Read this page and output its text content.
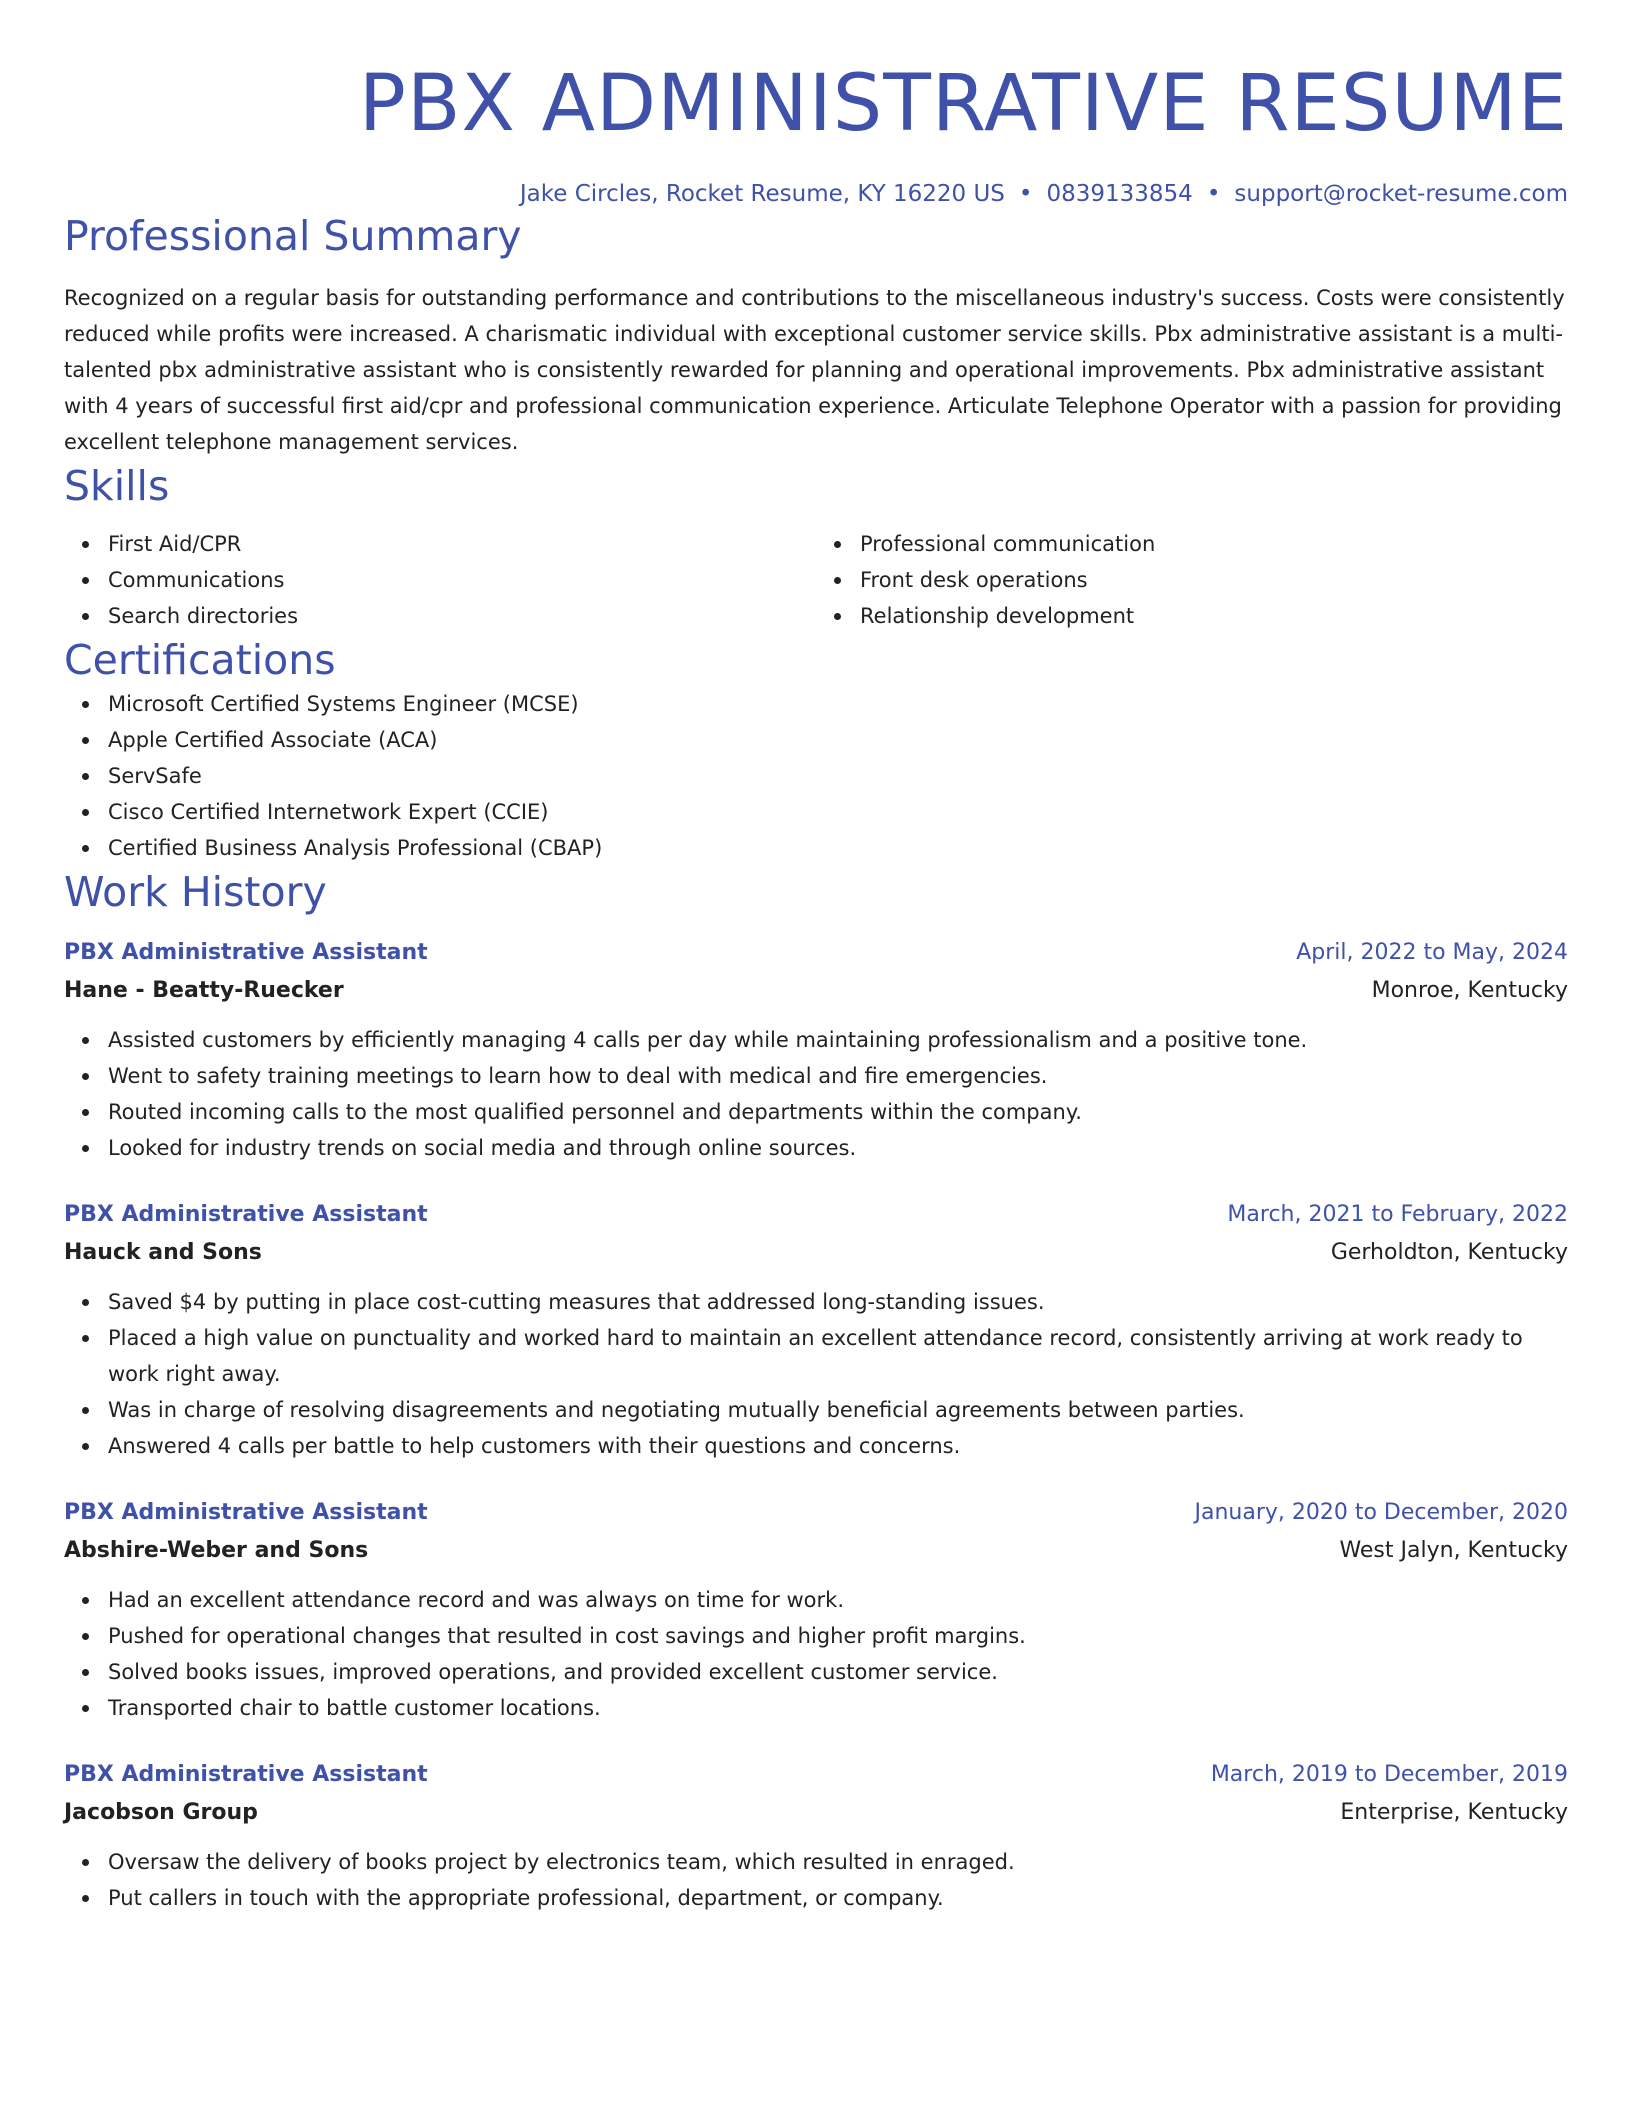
PBX ADMINISTRATIVE RESUME
Jake Circles, Rocket Resume, KY 16220 US • 0839133854 • support@rocket-resume.com
Professional Summary

Recognized on a regular basis for outstanding performance and contributions to the miscellaneous industry's success. Costs were consistently reduced while profits were increased. A charismatic individual with exceptional customer service skills. Pbx administrative assistant is a multi-talented pbx administrative assistant who is consistently rewarded for planning and operational improvements. Pbx administrative assistant with 4 years of successful first aid/cpr and professional communication experience. Articulate Telephone Operator with a passion for providing excellent telephone management services.

Skills
First Aid/CPR
Communications
Search directories
Professional communication
Front desk operations
Relationship development
Certifications
Microsoft Certified Systems Engineer (MCSE)
Apple Certified Associate (ACA)
ServSafe
Cisco Certified Internetwork Expert (CCIE)
Certified Business Analysis Professional (CBAP)
Work History
PBX Administrative Assistant	April, 2022 to May, 2024
Hane - Beatty-Ruecker	Monroe, Kentucky
Assisted customers by efficiently managing 4 calls per day while maintaining professionalism and a positive tone.
Went to safety training meetings to learn how to deal with medical and fire emergencies.
Routed incoming calls to the most qualified personnel and departments within the company.
Looked for industry trends on social media and through online sources.
PBX Administrative Assistant	March, 2021 to February, 2022
Hauck and Sons	Gerholdton, Kentucky
Saved $4 by putting in place cost-cutting measures that addressed long-standing issues.
Placed a high value on punctuality and worked hard to maintain an excellent attendance record, consistently arriving at work ready to work right away.
Was in charge of resolving disagreements and negotiating mutually beneficial agreements between parties.
Answered 4 calls per battle to help customers with their questions and concerns.
PBX Administrative Assistant	January, 2020 to December, 2020
Abshire-Weber and Sons	West Jalyn, Kentucky
Had an excellent attendance record and was always on time for work.
Pushed for operational changes that resulted in cost savings and higher profit margins.
Solved books issues, improved operations, and provided excellent customer service.
Transported chair to battle customer locations.
PBX Administrative Assistant	March, 2019 to December, 2019
Jacobson Group	Enterprise, Kentucky
Oversaw the delivery of books project by electronics team, which resulted in enraged.
Put callers in touch with the appropriate professional, department, or company.
